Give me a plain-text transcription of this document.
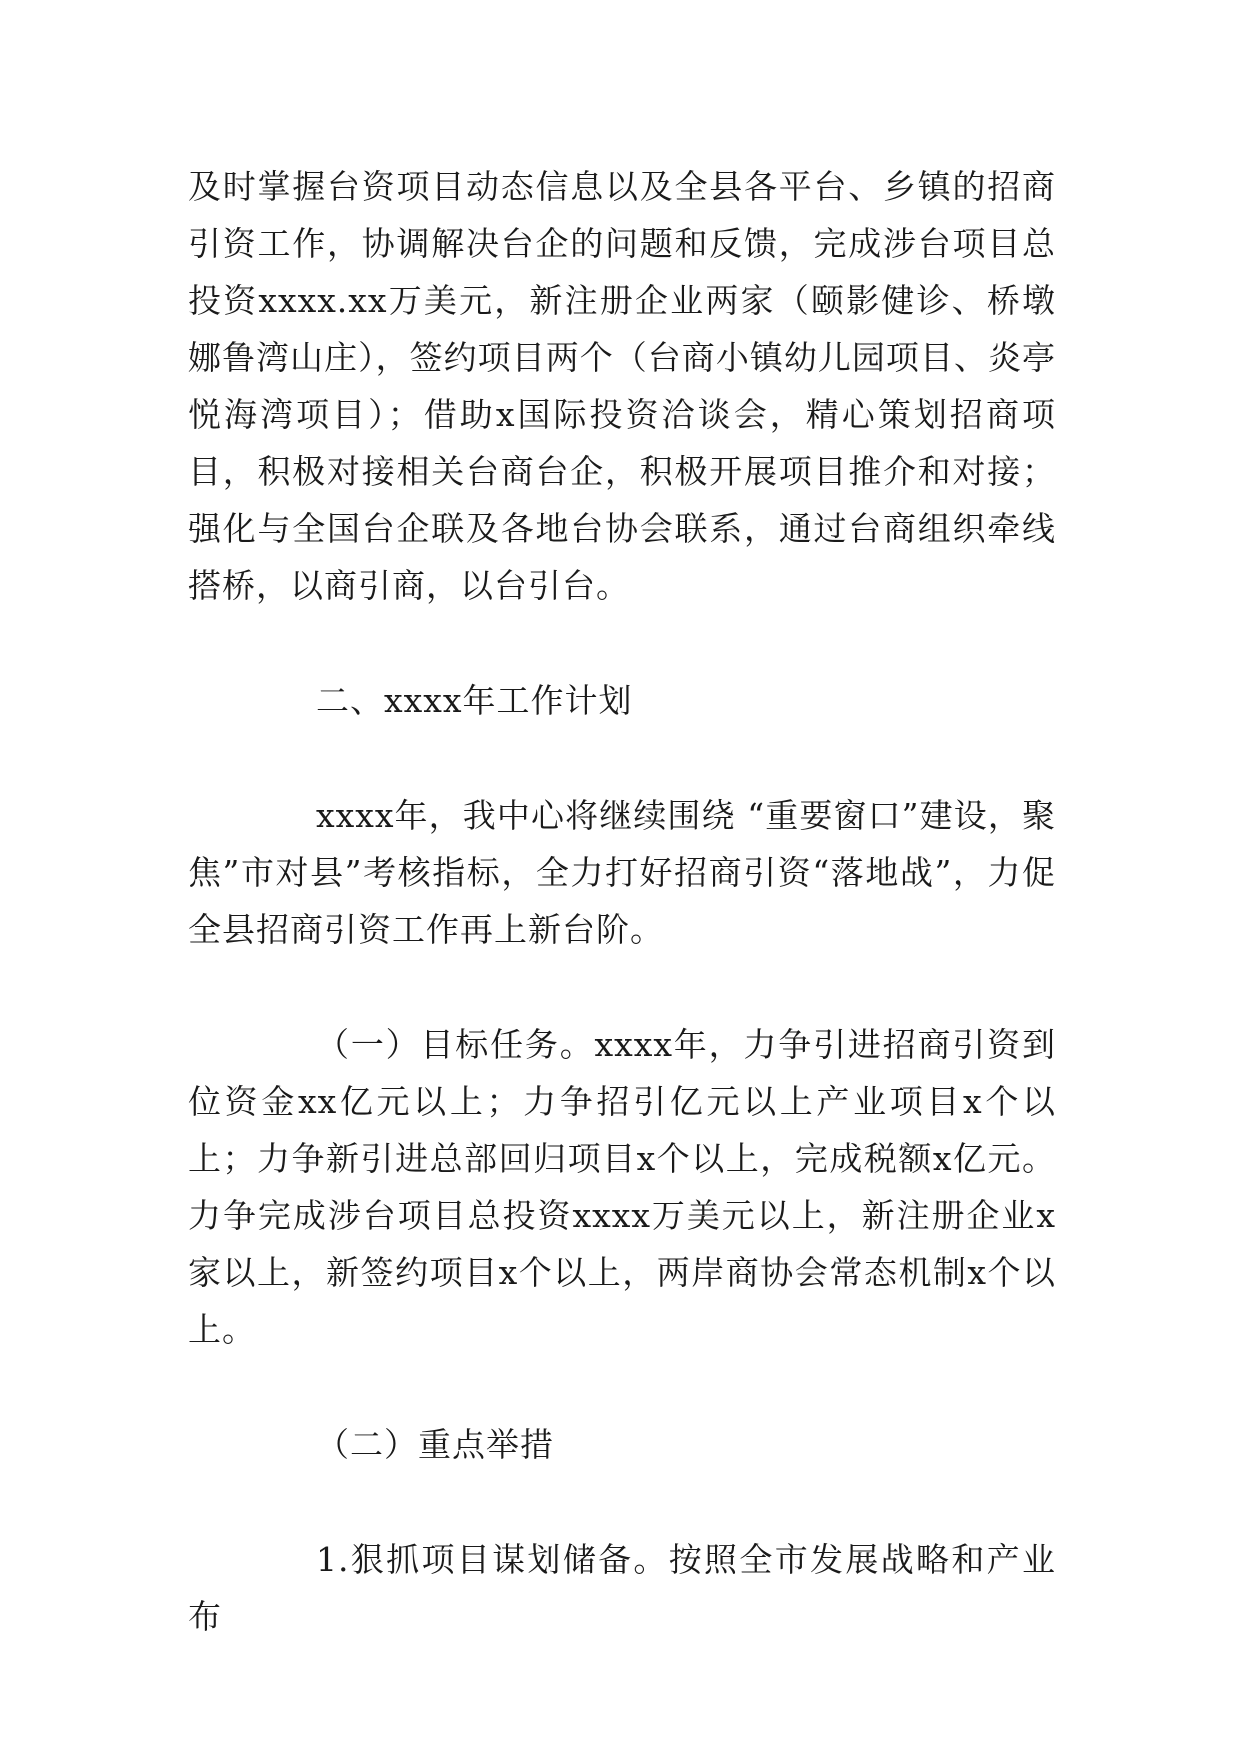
及时掌握台资项目动态信息以及全县各平台、乡镇的招商引资工作，协调解决台企的问题和反馈，完成涉台项目总投资xxxx.xx万美元，新注册企业两家（颐影健诊、桥墩娜鲁湾山庄），签约项目两个（台商小镇幼儿园项目、炎亭悦海湾项目）；借助x国际投资洽谈会，精心策划招商项目，积极对接相关台商台企，积极开展项目推介和对接；强化与全国台企联及各地台协会联系，通过台商组织牵线搭桥，以商引商，以台引台。

二、xxxx年工作计划

xxxx年，我中心将继续围绕 “重要窗口”建设，聚焦”市对县”考核指标，全力打好招商引资“落地战”，力促全县招商引资工作再上新台阶。

（一）目标任务。xxxx年，力争引进招商引资到位资金xx亿元以上；力争招引亿元以上产业项目x个以上；力争新引进总部回归项目x个以上，完成税额x亿元。力争完成涉台项目总投资xxxx万美元以上，新注册企业x家以上，新签约项目x个以上，两岸商协会常态机制x个以上。

（二）重点举措

1.狠抓项目谋划储备。按照全市发展战略和产业布
